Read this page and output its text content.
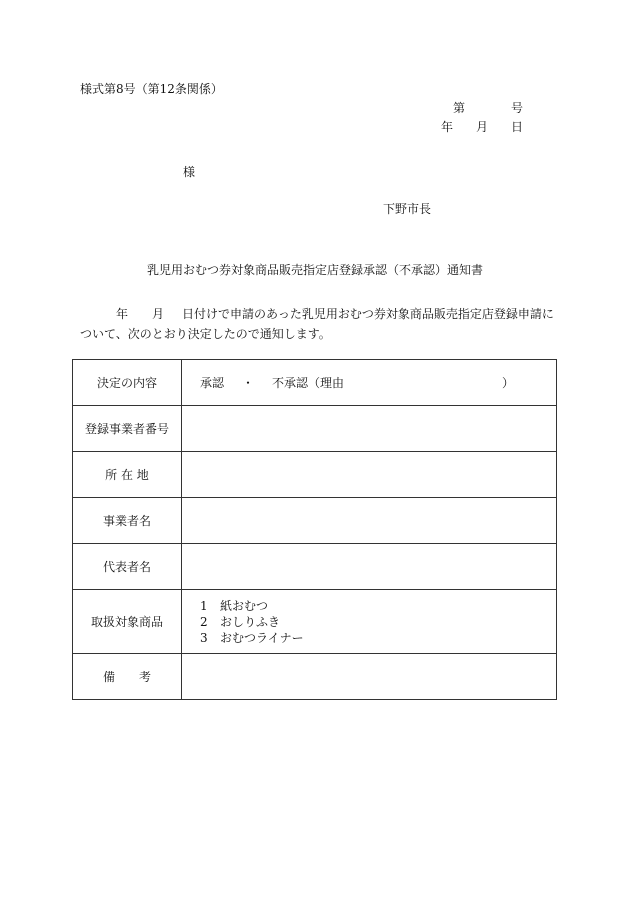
様式第8号（第12条関係）
第	号
年 月 日
様
下野市長
乳児用おむつ券対象商品販売指定店登録承認（不承認）通知書
年 月 日付けで申請のあった乳児用おむつ券対象商品販売指定店登録申請に
ついて、次のとおり決定したので通知します。
決定の内容	承認 ・ 不承認（理由 ）

登録事業者番号	
所 在 地	
事業者名	
代表者名	
取扱対象商品	1 紙おむつ
2 おしりふき
3 おむつライナー

備　　考	
